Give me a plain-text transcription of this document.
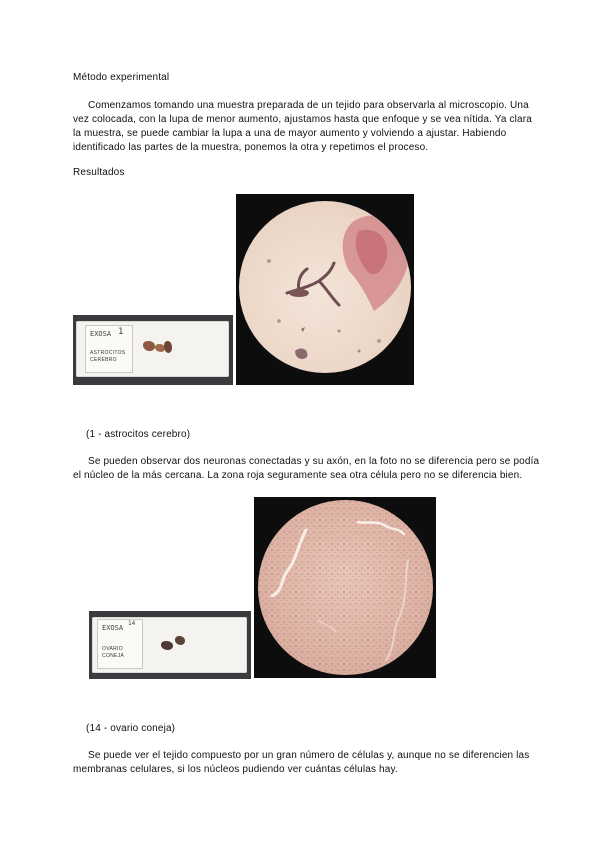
Método experimental

Comenzamos tomando una muestra preparada de un tejido para observarla al microscopio. Una
vez colocada, con la lupa de menor aumento, ajustamos hasta que enfoque y se vea nítida. Ya clara
la muestra, se puede cambiar la lupa a una de mayor aumento y volviendo a ajustar. Habiendo
identificado las partes de la muestra, ponemos la otra y repetimos el proceso.

Resultados

EXOSA 1
ASTROCITOS
CEREBRO

(1 - astrocitos cerebro)

Se pueden observar dos neuronas conectadas y su axón, en la foto no se diferencia pero se podía
el núcleo de la más cercana. La zona roja seguramente sea otra célula pero no se diferencia bien.
EXOSA
14
OVARIO
CONEJA

(14 - ovario coneja)

Se puede ver el tejido compuesto por un gran número de células y, aunque no se diferencien las
membranas celulares, si los núcleos pudiendo ver cuántas células hay.
